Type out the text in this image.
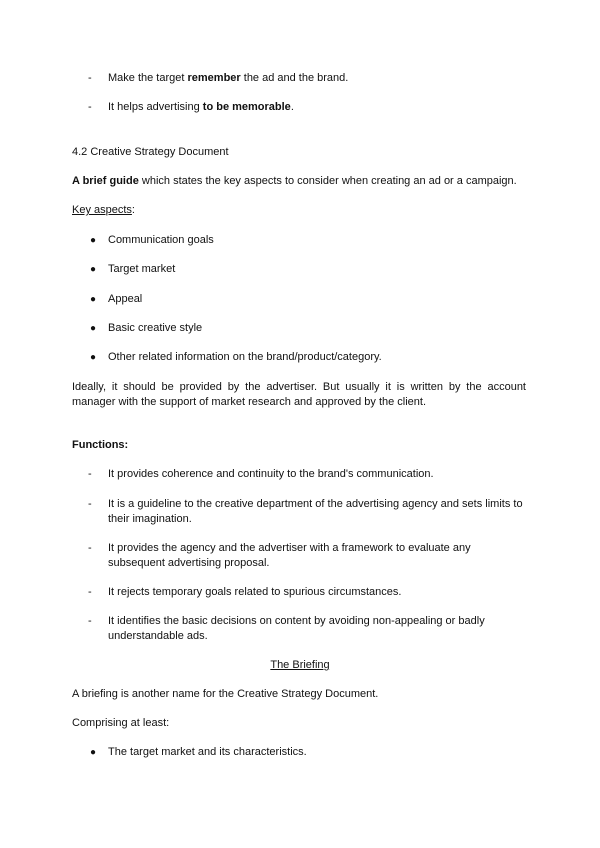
- Make the target remember the ad and the brand.
- It helps advertising to be memorable.
4.2 Creative Strategy Document
A brief guide which states the key aspects to consider when creating an ad or a campaign.
Key aspects:
● Communication goals
● Target market
● Appeal
● Basic creative style
● Other related information on the brand/product/category.
Ideally, it should be provided by the advertiser. But usually it is written by the account manager with the support of market research and approved by the client.
Functions:
- It provides coherence and continuity to the brand's communication.
- It is a guideline to the creative department of the advertising agency and sets limits to their imagination.
- It provides the agency and the advertiser with a framework to evaluate any subsequent advertising proposal.
- It rejects temporary goals related to spurious circumstances.
- It identifies the basic decisions on content by avoiding non-appealing or badly understandable ads.
The Briefing
A briefing is another name for the Creative Strategy Document.
Comprising at least:
● The target market and its characteristics.
